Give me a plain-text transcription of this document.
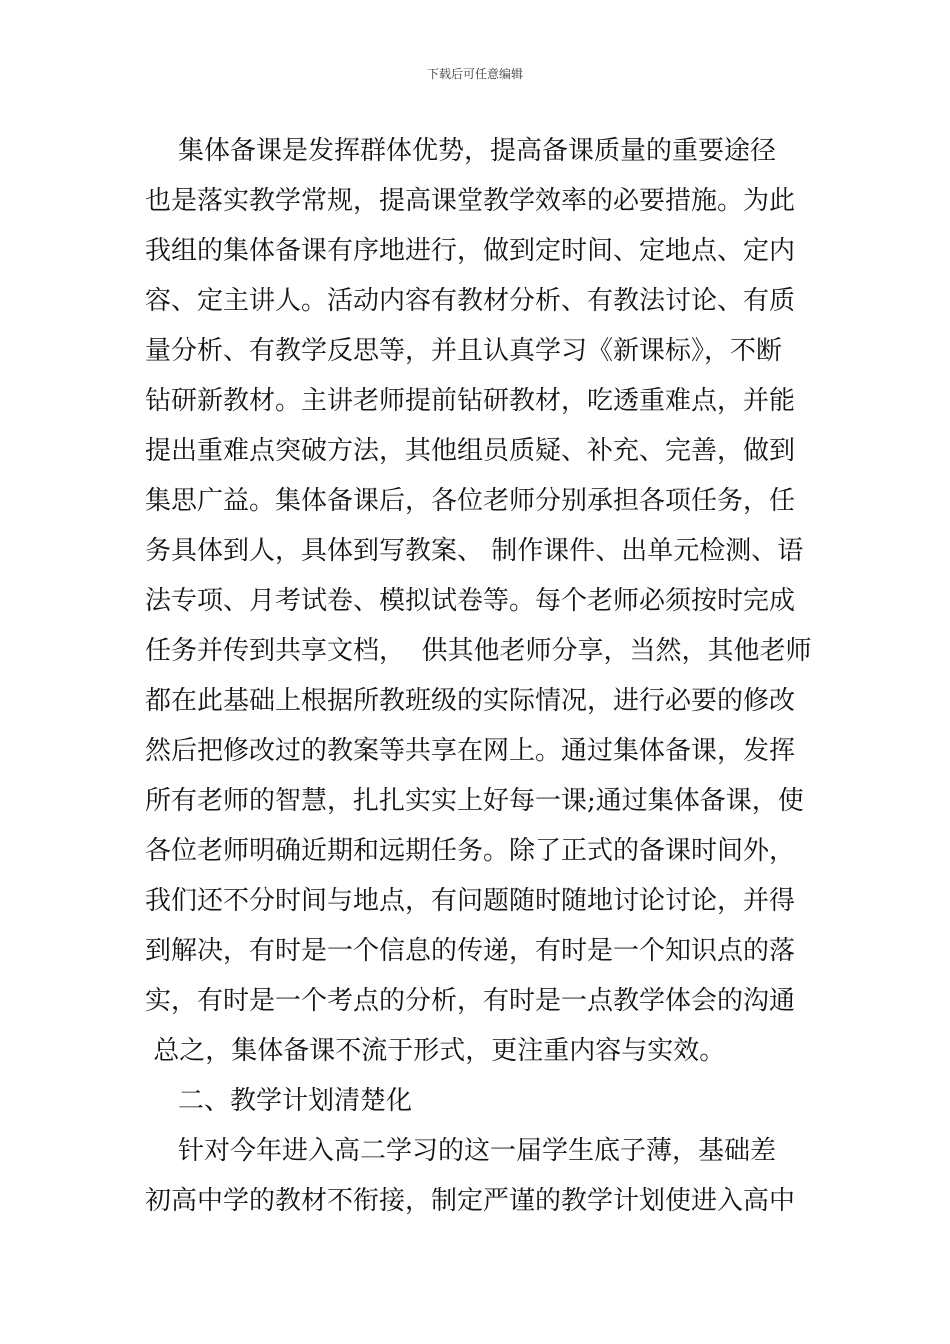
下载后可任意编辑
集体备课是发挥群体优势，提高备课质量的重要途径
也是落实教学常规，提高课堂教学效率的必要措施。为此
我组的集体备课有序地进行，做到定时间、定地点、定内
容、定主讲人。活动内容有教材分析、有教法讨论、有质
量分析、有教学反思等，并且认真学习《新课标》，不断
钻研新教材。主讲老师提前钻研教材，吃透重难点，并能
提出重难点突破方法，其他组员质疑、补充、完善，做到
集思广益。集体备课后，各位老师分别承担各项任务，任
务具体到人，具体到写教案、 制作课件、出单元检测、语
法专项、月考试卷、模拟试卷等。每个老师必须按时完成
任务并传到共享文档，  供其他老师分享，当然，其他老师
都在此基础上根据所教班级的实际情况，进行必要的修改
然后把修改过的教案等共享在网上。通过集体备课，发挥
所有老师的智慧，扎扎实实上好每一课;通过集体备课，使
各位老师明确近期和远期任务。除了正式的备课时间外，
我们还不分时间与地点，有问题随时随地讨论讨论，并得
到解决，有时是一个信息的传递，有时是一个知识点的落
实，有时是一个考点的分析，有时是一点教学体会的沟通
总之，集体备课不流于形式，更注重内容与实效。
二、教学计划清楚化
针对今年进入高二学习的这一届学生底子薄，基础差
初高中学的教材不衔接，制定严谨的教学计划使进入高中
